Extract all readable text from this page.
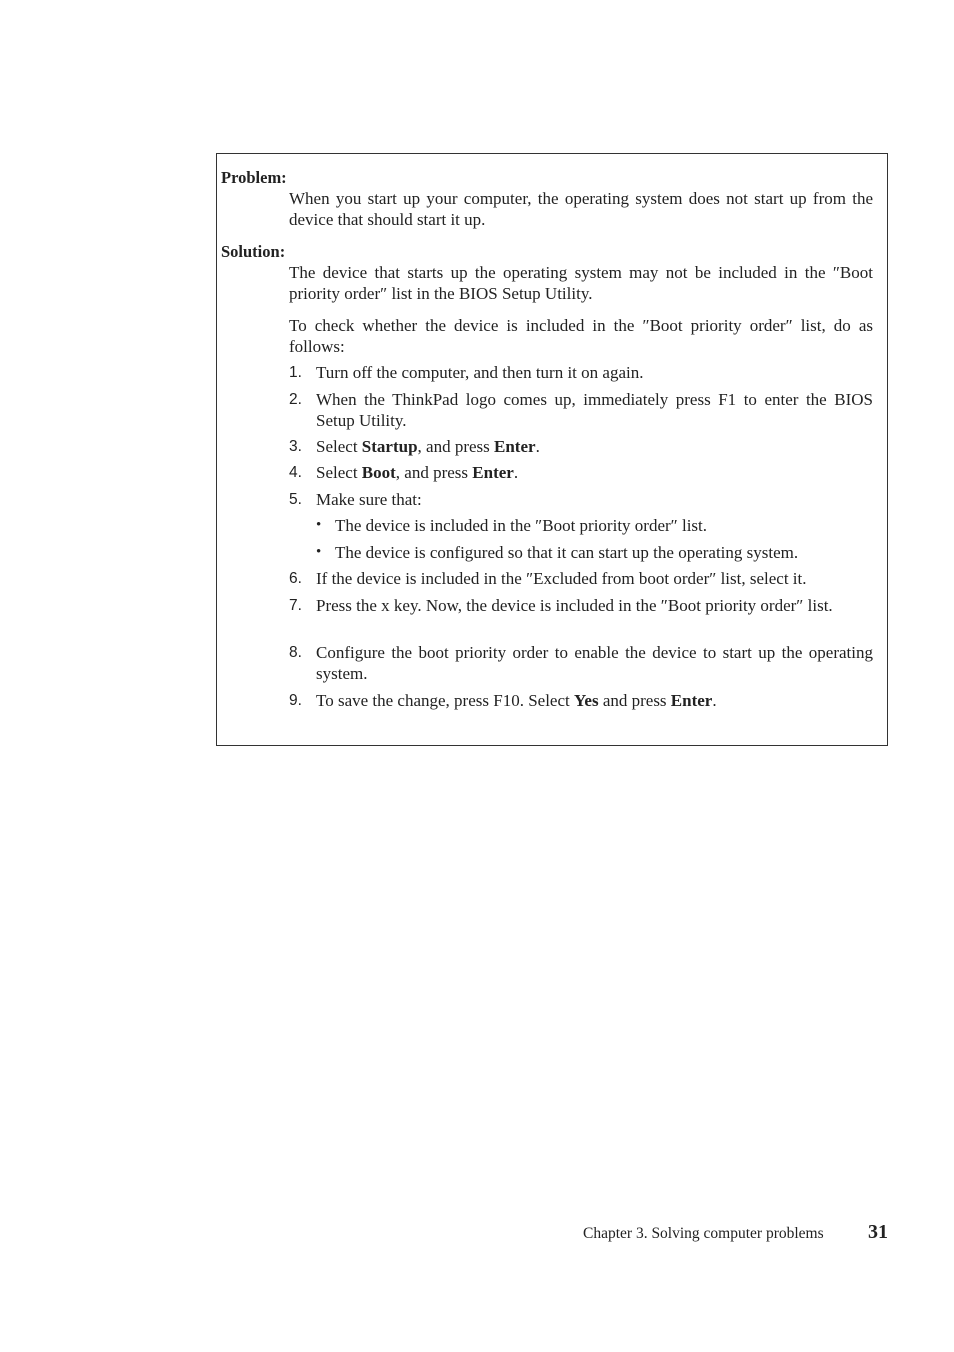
Problem:
When you start up your computer, the operating system does not start up from the device that should start it up.
Solution:
The device that starts up the operating system may not be included in the ″Boot priority order″ list in the BIOS Setup Utility.
To check whether the device is included in the ″Boot priority order″ list, do as follows:
1. Turn off the computer, and then turn it on again.
2. When the ThinkPad logo comes up, immediately press F1 to enter the BIOS Setup Utility.
3. Select Startup, and press Enter.
4. Select Boot, and press Enter.
5. Make sure that:
• The device is included in the ″Boot priority order″ list.
• The device is configured so that it can start up the operating system.
6. If the device is included in the ″Excluded from boot order″ list, select it.
7. Press the x key. Now, the device is included in the ″Boot priority order″ list.
8. Configure the boot priority order to enable the device to start up the operating system.
9. To save the change, press F10. Select Yes and press Enter.
Chapter 3. Solving computer problems 31
